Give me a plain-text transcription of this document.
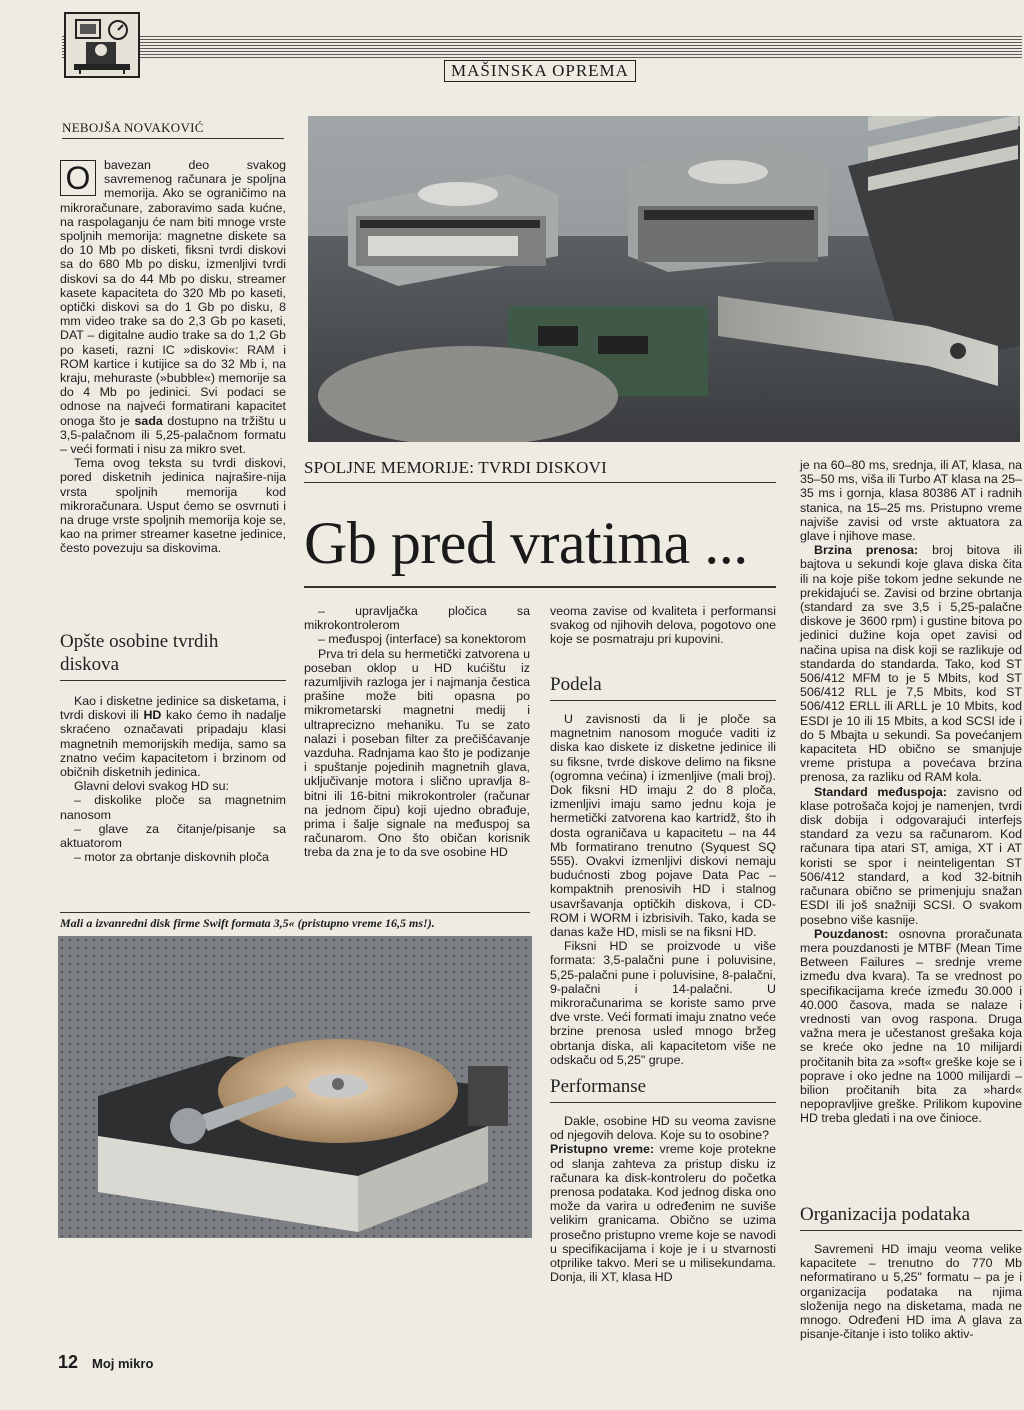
MAŠINSKA OPREMA
NEBOJŠA NOVAKOVIĆ
O	bavezan deo svakog savremenog računara je spoljna memorija. Ako se ograničimo na mikroračunare, zaboravimo sada kućne, na raspolaganju će nam biti mnoge vrste spoljnih memorija: magnetne diskete sa do 10 Mb po disketi, fiksni tvrdi diskovi sa do 680 Mb po disku, izmenljivi tvrdi diskovi sa do 44 Mb po disku, streamer kasete kapaciteta do 320 Mb po kaseti, optički diskovi sa do 1 Gb po disku, 8 mm video trake sa do 2,3 Gb po kaseti, DAT – digitalne audio trake sa do 1,2 Gb po kaseti, razni IC »diskovi«: RAM i ROM kartice i kutijice sa do 32 Mb i, na kraju, mehuraste (»bubble«) memorije sa do 4 Mb po jedinici. Svi podaci se odnose na najveći formatirani kapacitet onoga što je sada dostupno na tržištu u 3,5-palačnom ili 5,25-palačnom formatu – veći formati i nisu za mikro svet.

Tema ovog teksta su tvrdi diskovi, pored disketnih jedinica najrašire-nija vrsta spoljnih memorija kod mikroračunara. Usput ćemo se osvrnuti i na druge vrste spoljnih memorija koje se, kao na primer streamer kasetne jedinice, često povezuju sa diskovima.

Opšte osobine tvrdih diskova

Kao i disketne jedinice sa disketama, i tvrdi diskovi ili HD kako ćemo ih nadalje skraćeno označavati pripadaju klasi magnetnih memorijskih medija, samo sa znatno većim kapacitetom i brzinom od običnih disketnih jedinica.

Glavni delovi svakog HD su:

– diskolike ploče sa magnetnim nanosom

– glave za čitanje/pisanje sa aktuatorom

– motor za obrtanje diskovnih ploča

SPOLJNE MEMORIJE: TVRDI DISKOVI
Gb pred vratima ...

– upravljačka pločica sa mikrokontrolerom

– međuspoj (interface) sa konektorom

Prva tri dela su hermetički zatvorena u poseban oklop u HD kućištu iz razumljivih razloga jer i najmanja čestica prašine može biti opasna po mikrometarski magnetni medij i ultraprecizno mehaniku. Tu se zato nalazi i poseban filter za prečišćavanje vazduha. Radnjama kao što je podizanje i spuštanje pojedinih magnetnih glava, uključivanje motora i slično upravlja 8-bitni ili 16-bitni mikrokontroler (računar na jednom čipu) koji ujedno obrađuje, prima i šalje signale na međuspoj sa računarom. Ono što običan korisnik treba da zna je to da sve osobine HD

Mali a izvanredni disk firme Swift formata 3,5« (pristupno vreme 16,5 ms!).

veoma zavise od kvaliteta i performansi svakog od njihovih delova, pogotovo one koje se posmatraju pri kupovini.

Podela

U zavisnosti da li je ploče sa magnetnim nanosom moguće vaditi iz diska kao diskete iz disketne jedinice ili su fiksne, tvrde diskove delimo na fiksne (ogromna većina) i izmenljive (mali broj). Dok fiksni HD imaju 2 do 8 ploča, izmenljivi imaju samo jednu koja je hermetički zatvorena kao kartridž, što ih dosta ograničava u kapacitetu – na 44 Mb formatirano trenutno (Syquest SQ 555). Ovakvi izmenljivi diskovi nemaju budućnosti zbog pojave Data Pac – kompaktnih prenosivih HD i stalnog usavršavanja optičkih diskova, i CD-ROM i WORM i izbrisivih. Tako, kada se danas kaže HD, misli se na fiksni HD.

Fiksni HD se proizvode u više formata: 3,5-palačni pune i poluvisine, 5,25-palačni pune i poluvisine, 8-palačni, 9-palačni i 14-palačni. U mikroračunarima se koriste samo prve dve vrste. Veći formati imaju znatno veće brzine prenosa usled mnogo bržeg obrtanja diska, ali kapacitetom više ne odskaču od 5,25" grupe.

Performanse

Dakle, osobine HD su veoma zavisne od njegovih delova. Koje su to osobine?

Pristupno vreme: vreme koje protekne od slanja zahteva za pristup disku iz računara ka disk-kontroleru do početka prenosa podataka. Kod jednog diska ono može da varira u određenim ne suviše velikim granicama. Obično se uzima prosečno pristupno vreme koje se navodi u specifikacijama i koje je i u stvarnosti otprilike takvo. Meri se u milisekundama. Donja, ili XT, klasa HD

je na 60–80 ms, srednja, ili AT, klasa, na 35–50 ms, viša ili Turbo AT klasa na 25–35 ms i gornja, klasa 80386 AT i radnih stanica, na 15–25 ms. Pristupno vreme najviše zavisi od vrste aktuatora za glave i njihove mase.

Brzina prenosa: broj bitova ili bajtova u sekundi koje glava diska čita ili na koje piše tokom jedne sekunde ne prekidajući se. Zavisi od brzine obrtanja (standard za sve 3,5 i 5,25-palačne diskove je 3600 rpm) i gustine bitova po jedinici dužine koja opet zavisi od načina upisa na disk koji se razlikuje od standarda do standarda. Tako, kod ST 506/412 MFM to je 5 Mbits, kod ST 506/412 RLL je 7,5 Mbits, kod ST 506/412 ERLL ili ARLL je 10 Mbits, kod ESDI je 10 ili 15 Mbits, a kod SCSI ide i do 5 Mbajta u sekundi. Sa povećanjem kapaciteta HD obično se smanjuje vreme pristupa a povećava brzina prenosa, za razliku od RAM kola.

Standard međuspoja: zavisno od klase potrošača kojoj je namenjen, tvrdi disk dobija i odgovarajući interfejs standard za vezu sa računarom. Kod računara tipa atari ST, amiga, XT i AT koristi se spor i neinteligentan ST 506/412 standard, a kod 32-bitnih računara obično se primenjuju snažan ESDI ili još snažniji SCSI. O svakom posebno više kasnije.

Pouzdanost: osnovna proračunata mera pouzdanosti je MTBF (Mean Time Between Failures – srednje vreme između dva kvara). Ta se vrednost po specifikacijama kreće između 30.000 i 40.000 časova, mada se nalaze i vrednosti van ovog raspona. Druga važna mera je učestanost grešaka koja se kreće oko jedne na 10 milijardi pročitanih bita za »soft« greške koje se i popravе i oko jedne na 1000 milijardi – bilion pročitanih bita za »hard« nepopravljive greške. Prilikom kupovine HD treba gledati i na ove činioce.

Organizacija podataka

Savremeni HD imaju veoma velike kapacitete – trenutno do 770 Mb neformatirano u 5,25" formatu – pa je i organizacija podataka na njima složenija nego na disketama, mada ne mnogo. Određeni HD ima A glava za pisanje-čitanje i isto toliko aktiv-

12 Moj mikro
